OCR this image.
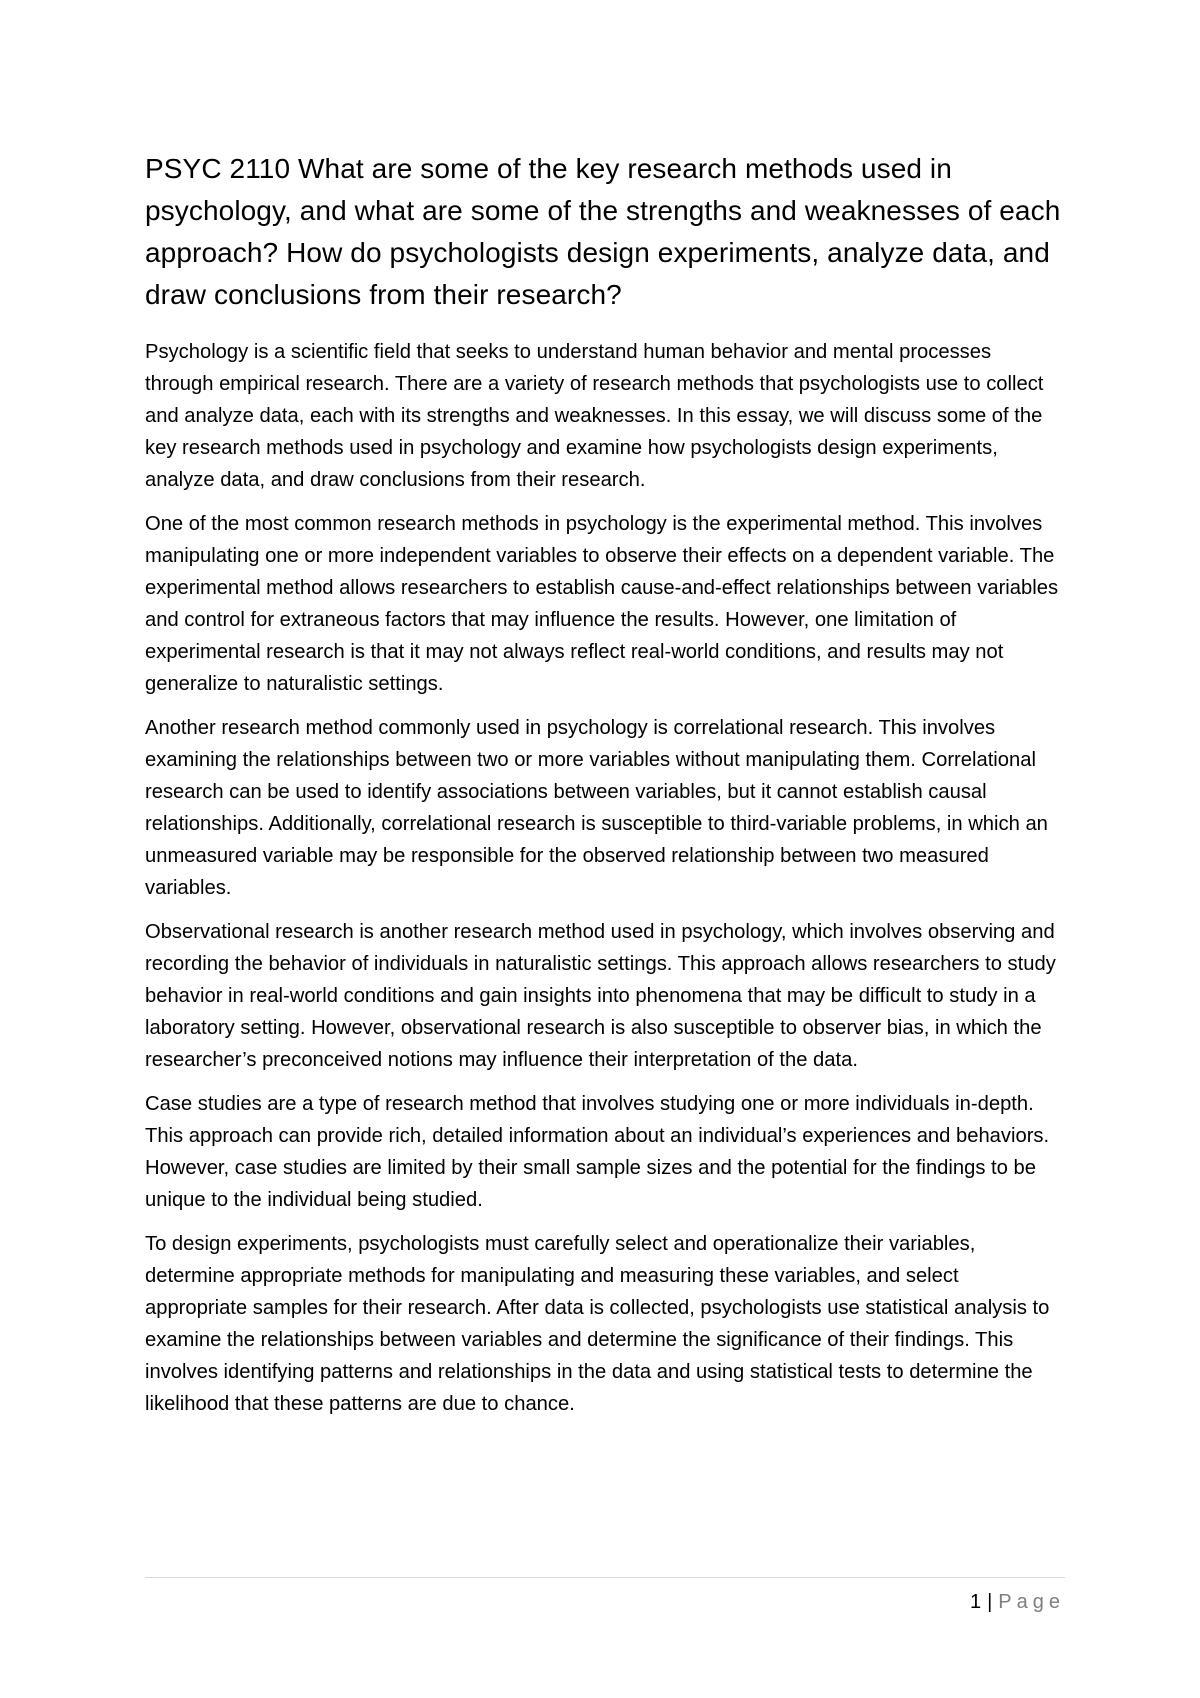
PSYC 2110 What are some of the key research methods used in psychology, and what are some of the strengths and weaknesses of each approach? How do psychologists design experiments, analyze data, and draw conclusions from their research?

Psychology is a scientific field that seeks to understand human behavior and mental processes through empirical research. There are a variety of research methods that psychologists use to collect and analyze data, each with its strengths and weaknesses. In this essay, we will discuss some of the key research methods used in psychology and examine how psychologists design experiments, analyze data, and draw conclusions from their research.

One of the most common research methods in psychology is the experimental method. This involves manipulating one or more independent variables to observe their effects on a dependent variable. The experimental method allows researchers to establish cause-and-effect relationships between variables and control for extraneous factors that may influence the results. However, one limitation of experimental research is that it may not always reflect real-world conditions, and results may not generalize to naturalistic settings.

Another research method commonly used in psychology is correlational research. This involves examining the relationships between two or more variables without manipulating them. Correlational research can be used to identify associations between variables, but it cannot establish causal relationships. Additionally, correlational research is susceptible to third-variable problems, in which an unmeasured variable may be responsible for the observed relationship between two measured variables.

Observational research is another research method used in psychology, which involves observing and recording the behavior of individuals in naturalistic settings. This approach allows researchers to study behavior in real-world conditions and gain insights into phenomena that may be difficult to study in a laboratory setting. However, observational research is also susceptible to observer bias, in which the researcher’s preconceived notions may influence their interpretation of the data.

Case studies are a type of research method that involves studying one or more individuals in-depth. This approach can provide rich, detailed information about an individual’s experiences and behaviors. However, case studies are limited by their small sample sizes and the potential for the findings to be unique to the individual being studied.

To design experiments, psychologists must carefully select and operationalize their variables, determine appropriate methods for manipulating and measuring these variables, and select appropriate samples for their research. After data is collected, psychologists use statistical analysis to examine the relationships between variables and determine the significance of their findings. This involves identifying patterns and relationships in the data and using statistical tests to determine the likelihood that these patterns are due to chance.

1 | Page
